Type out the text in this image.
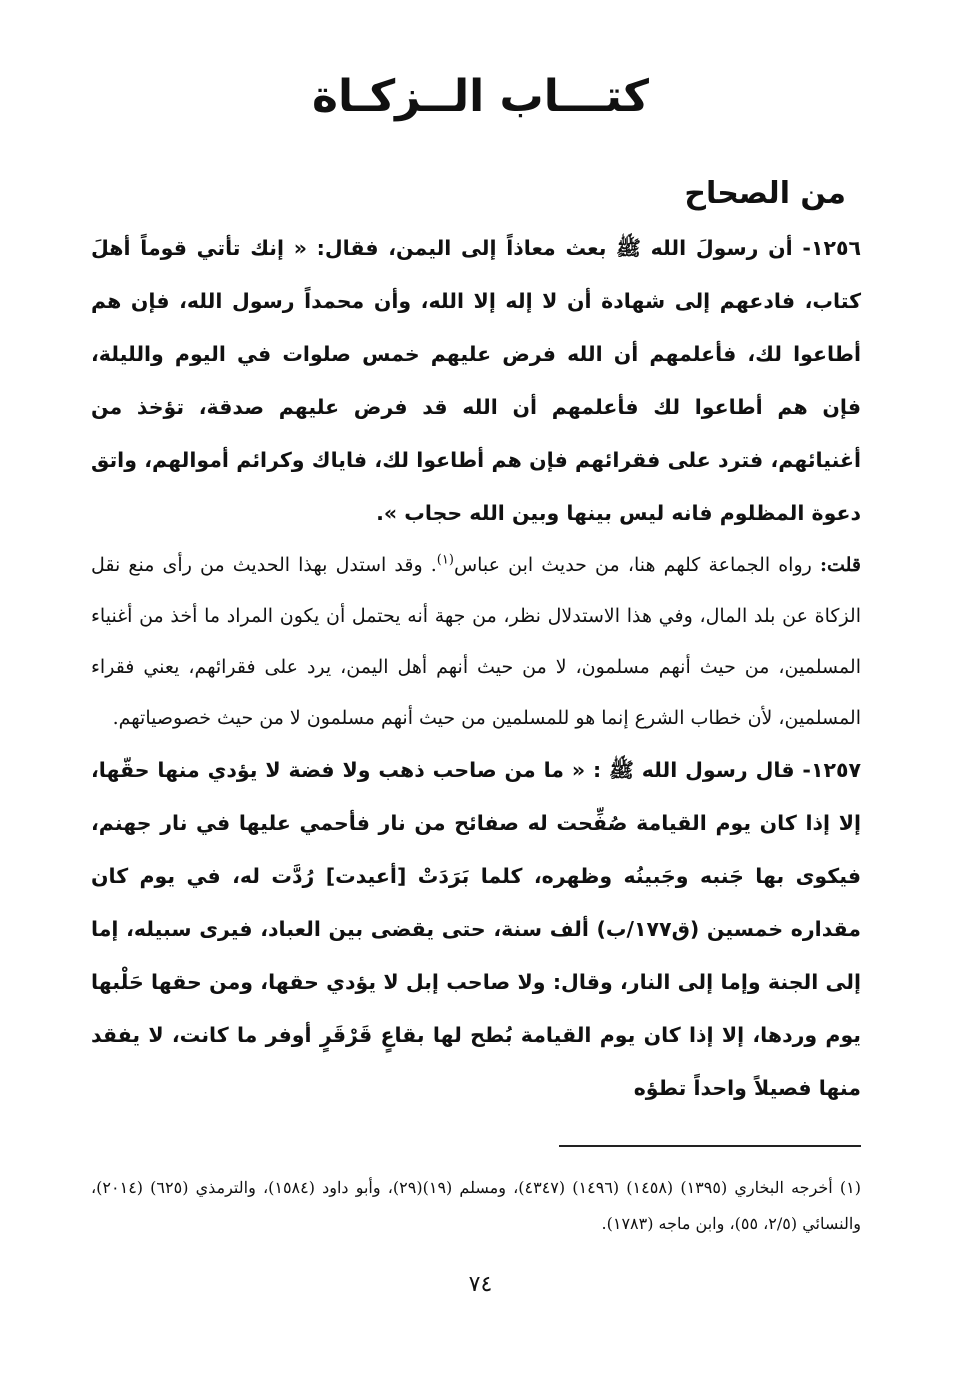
كتـــاب الــزكـاة
من الصحاح

١٢٥٦- أن رسولَ الله ﷺ بعث معاذاً إلى اليمن، فقال: « إنك تأتي قوماً أهلَ كتاب، فادعهم إلى شهادة أن لا إله إلا الله، وأن محمداً رسول الله، فإن هم أطاعوا لك، فأعلمهم أن الله فرض عليهم خمس صلوات في اليوم والليلة، فإن هم أطاعوا لك فأعلمهم أن الله قد فرض عليهم صدقة، تؤخذ من أغنيائهم، فترد على فقرائهم فإن هم أطاعوا لك، فاياك وكرائم أموالهم، واتق دعوة المظلوم فانه ليس بينها وبين الله حجاب ».

قلت: رواه الجماعة كلهم هنا، من حديث ابن عباس$^{(١)}$. وقد استدل بهذا الحديث من رأى منع نقل الزكاة عن بلد المال، وفي هذا الاستدلال نظر، من جهة أنه يحتمل أن يكون المراد ما أخذ من أغنياء المسلمين، من حيث أنهم مسلمون، لا من حيث أنهم أهل اليمن، يرد على فقرائهم، يعني فقراء المسلمين، لأن خطاب الشرع إنما هو للمسلمين من حيث أنهم مسلمون لا من حيث خصوصياتهم.

١٢٥٧- قال رسول الله ﷺ : « ما من صاحب ذهب ولا فضة لا يؤدي منها حقّها، إلا إذا كان يوم القيامة صُفِّحت له صفائح من نار فأحمي عليها في نار جهنم، فيكوى بها جَنبه وجَبينُه وظهره، كلما بَرَدَتْ [أعيدت] رُدَّت له، في يوم كان مقداره خمسين (ق١٧٧/ب) ألف سنة، حتى يقضى بين العباد، فيرى سبيله، إما إلى الجنة وإما إلى النار، وقال: ولا صاحب إبل لا يؤدي حقها، ومن حقها حَلْبها يوم وردها، إلا إذا كان يوم القيامة بُطح لها بقاعٍ قَرْقَرٍ أوفر ما كانت، لا يفقد منها فصيلاً واحداً تطؤه

(١) أخرجه البخاري (١٣٩٥) (١٤٥٨) (١٤٩٦) (٤٣٤٧)، ومسلم (١٩)(٢٩)، وأبو داود (١٥٨٤)، والترمذي (٦٢٥) (٢٠١٤)، والنسائي (٢/٥، ٥٥)، وابن ماجه (١٧٨٣).

٧٤
